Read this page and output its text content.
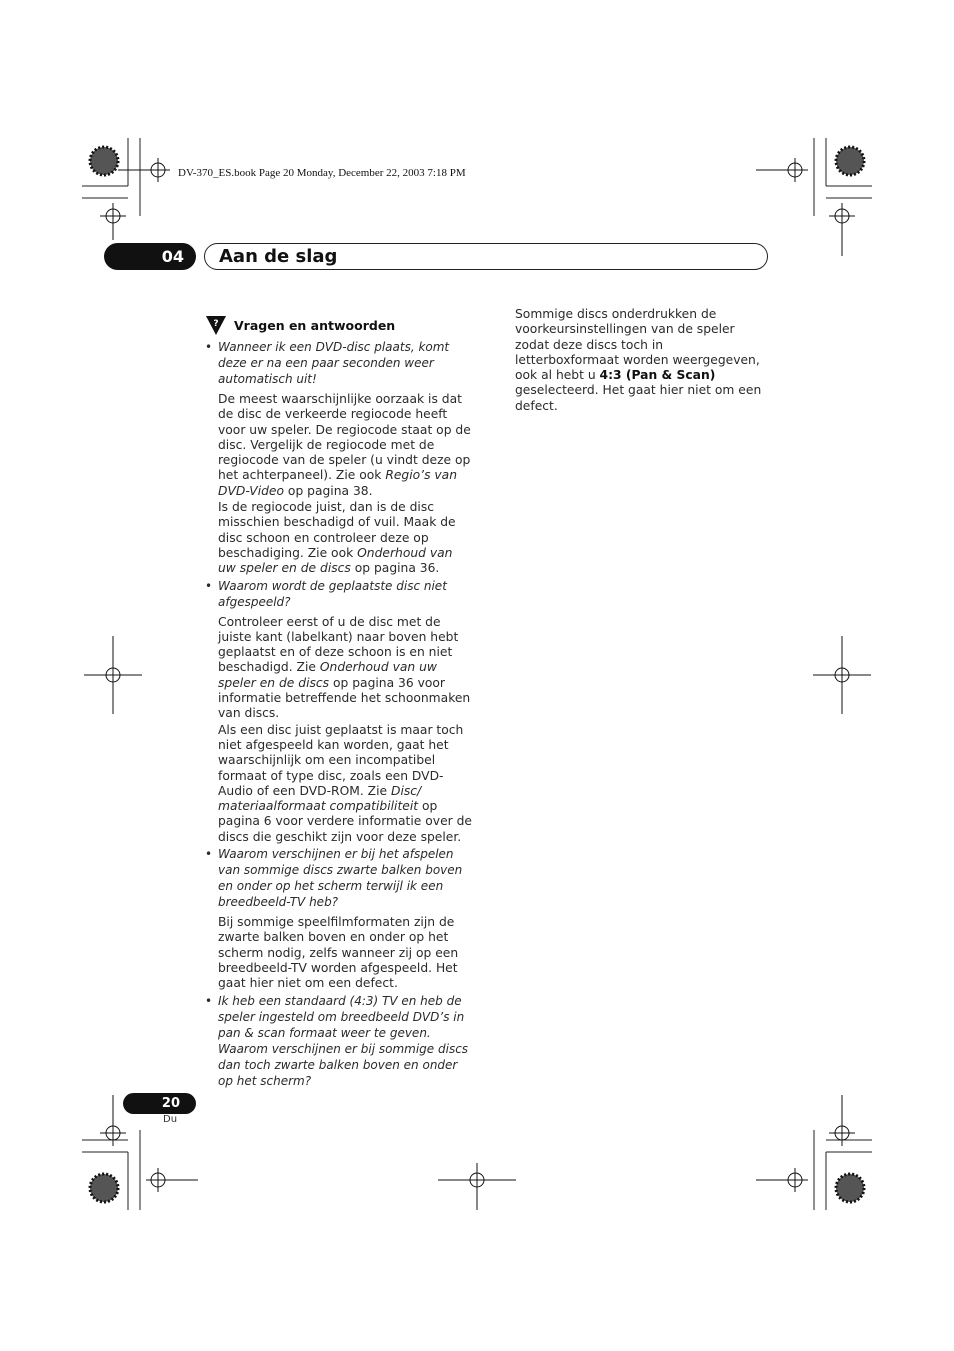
DV-370_ES.book Page 20 Monday, December 22, 2003 7:18 PM
04	Aan de slag
? Vragen en antwoorden
• Wanneer ik een DVD-disc plaats, komt deze er na een paar seconden weer automatisch uit!
De meest waarschijnlijke oorzaak is dat de disc de verkeerde regiocode heeft voor uw speler. De regiocode staat op de disc. Vergelijk de regiocode met de regiocode van de speler (u vindt deze op het achterpaneel). Zie ook Regio’s van DVD-Video op pagina 38.
Is de regiocode juist, dan is de disc misschien beschadigd of vuil. Maak de disc schoon en controleer deze op beschadiging. Zie ook Onderhoud van uw speler en de discs op pagina 36.
• Waarom wordt de geplaatste disc niet afgespeeld?
Controleer eerst of u de disc met de juiste kant (labelkant) naar boven hebt geplaatst en of deze schoon is en niet beschadigd. Zie Onderhoud van uw speler en de discs op pagina 36 voor informatie betreffende het schoonmaken van discs.
Als een disc juist geplaatst is maar toch niet afgespeeld kan worden, gaat het waarschijnlijk om een incompatibel formaat of type disc, zoals een DVD-Audio of een DVD-ROM. Zie Disc/ materiaalformaat compatibiliteit op pagina 6 voor verdere informatie over de discs die geschikt zijn voor deze speler.
• Waarom verschijnen er bij het afspelen van sommige discs zwarte balken boven en onder op het scherm terwijl ik een breedbeeld-TV heb?
Bij sommige speelfilmformaten zijn de zwarte balken boven en onder op het scherm nodig, zelfs wanneer zij op een breedbeeld-TV worden afgespeeld. Het gaat hier niet om een defect.
• Ik heb een standaard (4:3) TV en heb de speler ingesteld om breedbeeld DVD’s in pan & scan formaat weer te geven. Waarom verschijnen er bij sommige discs dan toch zwarte balken boven en onder op het scherm?
Sommige discs onderdrukken de voorkeursinstellingen van de speler zodat deze discs toch in letterboxformaat worden weergegeven, ook al hebt u 4:3 (Pan & Scan) geselecteerd. Het gaat hier niet om een defect.
20
Du
